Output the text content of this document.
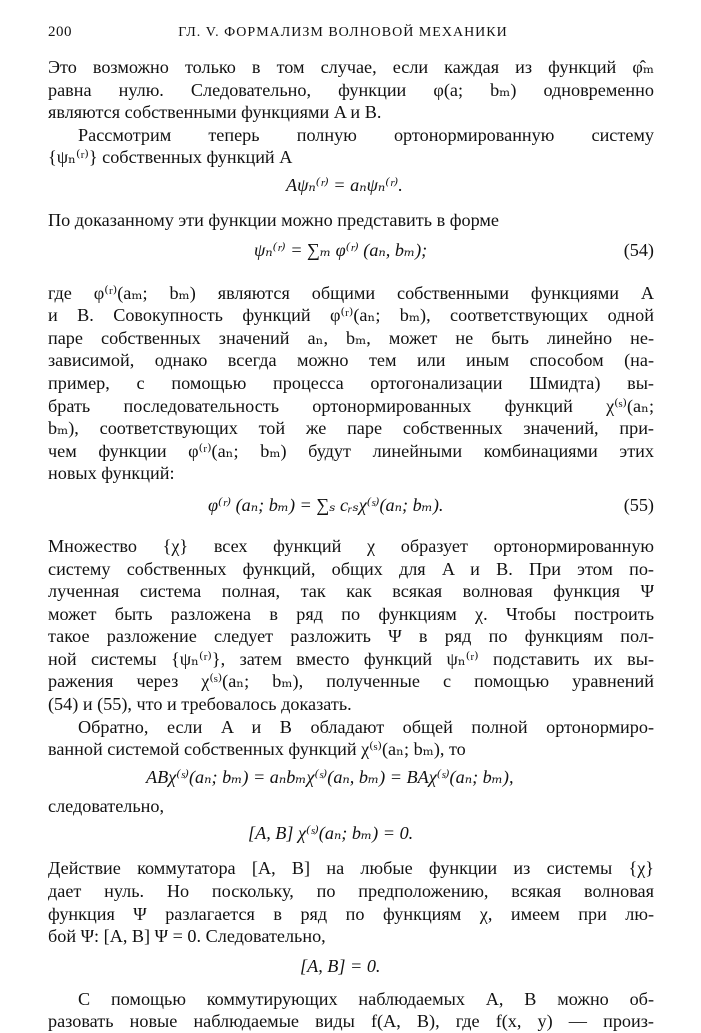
200	ГЛ. V. ФОРМАЛИЗМ ВОЛНОВОЙ МЕХАНИКИ
Это возможно только в том случае, если каждая из функций φ̂ₘ
равна нулю. Следовательно, функции φ(a; bₘ) одновременно
являются собственными функциями A и B.
Рассмотрим теперь полную ортонормированную систему
{ψₙ⁽ʳ⁾} собственных функций A
Aψₙ⁽ʳ⁾ = aₙψₙ⁽ʳ⁾.
По доказанному эти функции можно представить в форме
ψₙ⁽ʳ⁾ = ∑ₘ φ⁽ʳ⁾ (aₙ, bₘ);	(54)
где φ⁽ʳ⁾(aₘ; bₘ) являются общими собственными функциями A
и B. Совокупность функций φ⁽ʳ⁾(aₙ; bₘ), соответствующих одной
паре собственных значений aₙ, bₘ, может не быть линейно не-
зависимой, однако всегда можно тем или иным способом (на-
пример, с помощью процесса ортогонализации Шмидта) вы-
брать последовательность ортонормированных функций χ⁽ˢ⁾(aₙ;
bₘ), соответствующих той же паре собственных значений, при-
чем функции φ⁽ʳ⁾(aₙ; bₘ) будут линейными комбинациями этих
новых функций:
φ⁽ʳ⁾ (aₙ; bₘ) = ∑ₛ cᵣₛχ⁽ˢ⁾(aₙ; bₘ).	(55)
Множество {χ} всех функций χ образует ортонормированную
систему собственных функций, общих для A и B. При этом по-
лученная система полная, так как всякая волновая функция Ψ
может быть разложена в ряд по функциям χ. Чтобы построить
такое разложение следует разложить Ψ в ряд по функциям пол-
ной системы {ψₙ⁽ʳ⁾}, затем вместо функций ψₙ⁽ʳ⁾ подставить их вы-
ражения через χ⁽ˢ⁾(aₙ; bₘ), полученные с помощью уравнений
(54) и (55), что и требовалось доказать.
Обратно, если A и B обладают общей полной ортонормиро-
ванной системой собственных функций χ⁽ˢ⁾(aₙ; bₘ), то
ABχ⁽ˢ⁾(aₙ; bₘ) = aₙbₘχ⁽ˢ⁾(aₙ, bₘ) = BAχ⁽ˢ⁾(aₙ; bₘ),
следовательно,
[A, B] χ⁽ˢ⁾(aₙ; bₘ) = 0.
Действие коммутатора [A, B] на любые функции из системы {χ}
дает нуль. Но поскольку, по предположению, всякая волновая
функция Ψ разлагается в ряд по функциям χ, имеем при лю-
бой Ψ: [A, B] Ψ = 0. Следовательно,
[A, B] = 0.
С помощью коммутирующих наблюдаемых A, B можно об-
разовать новые наблюдаемые виды f(A, B), где f(x, y) — произ-
